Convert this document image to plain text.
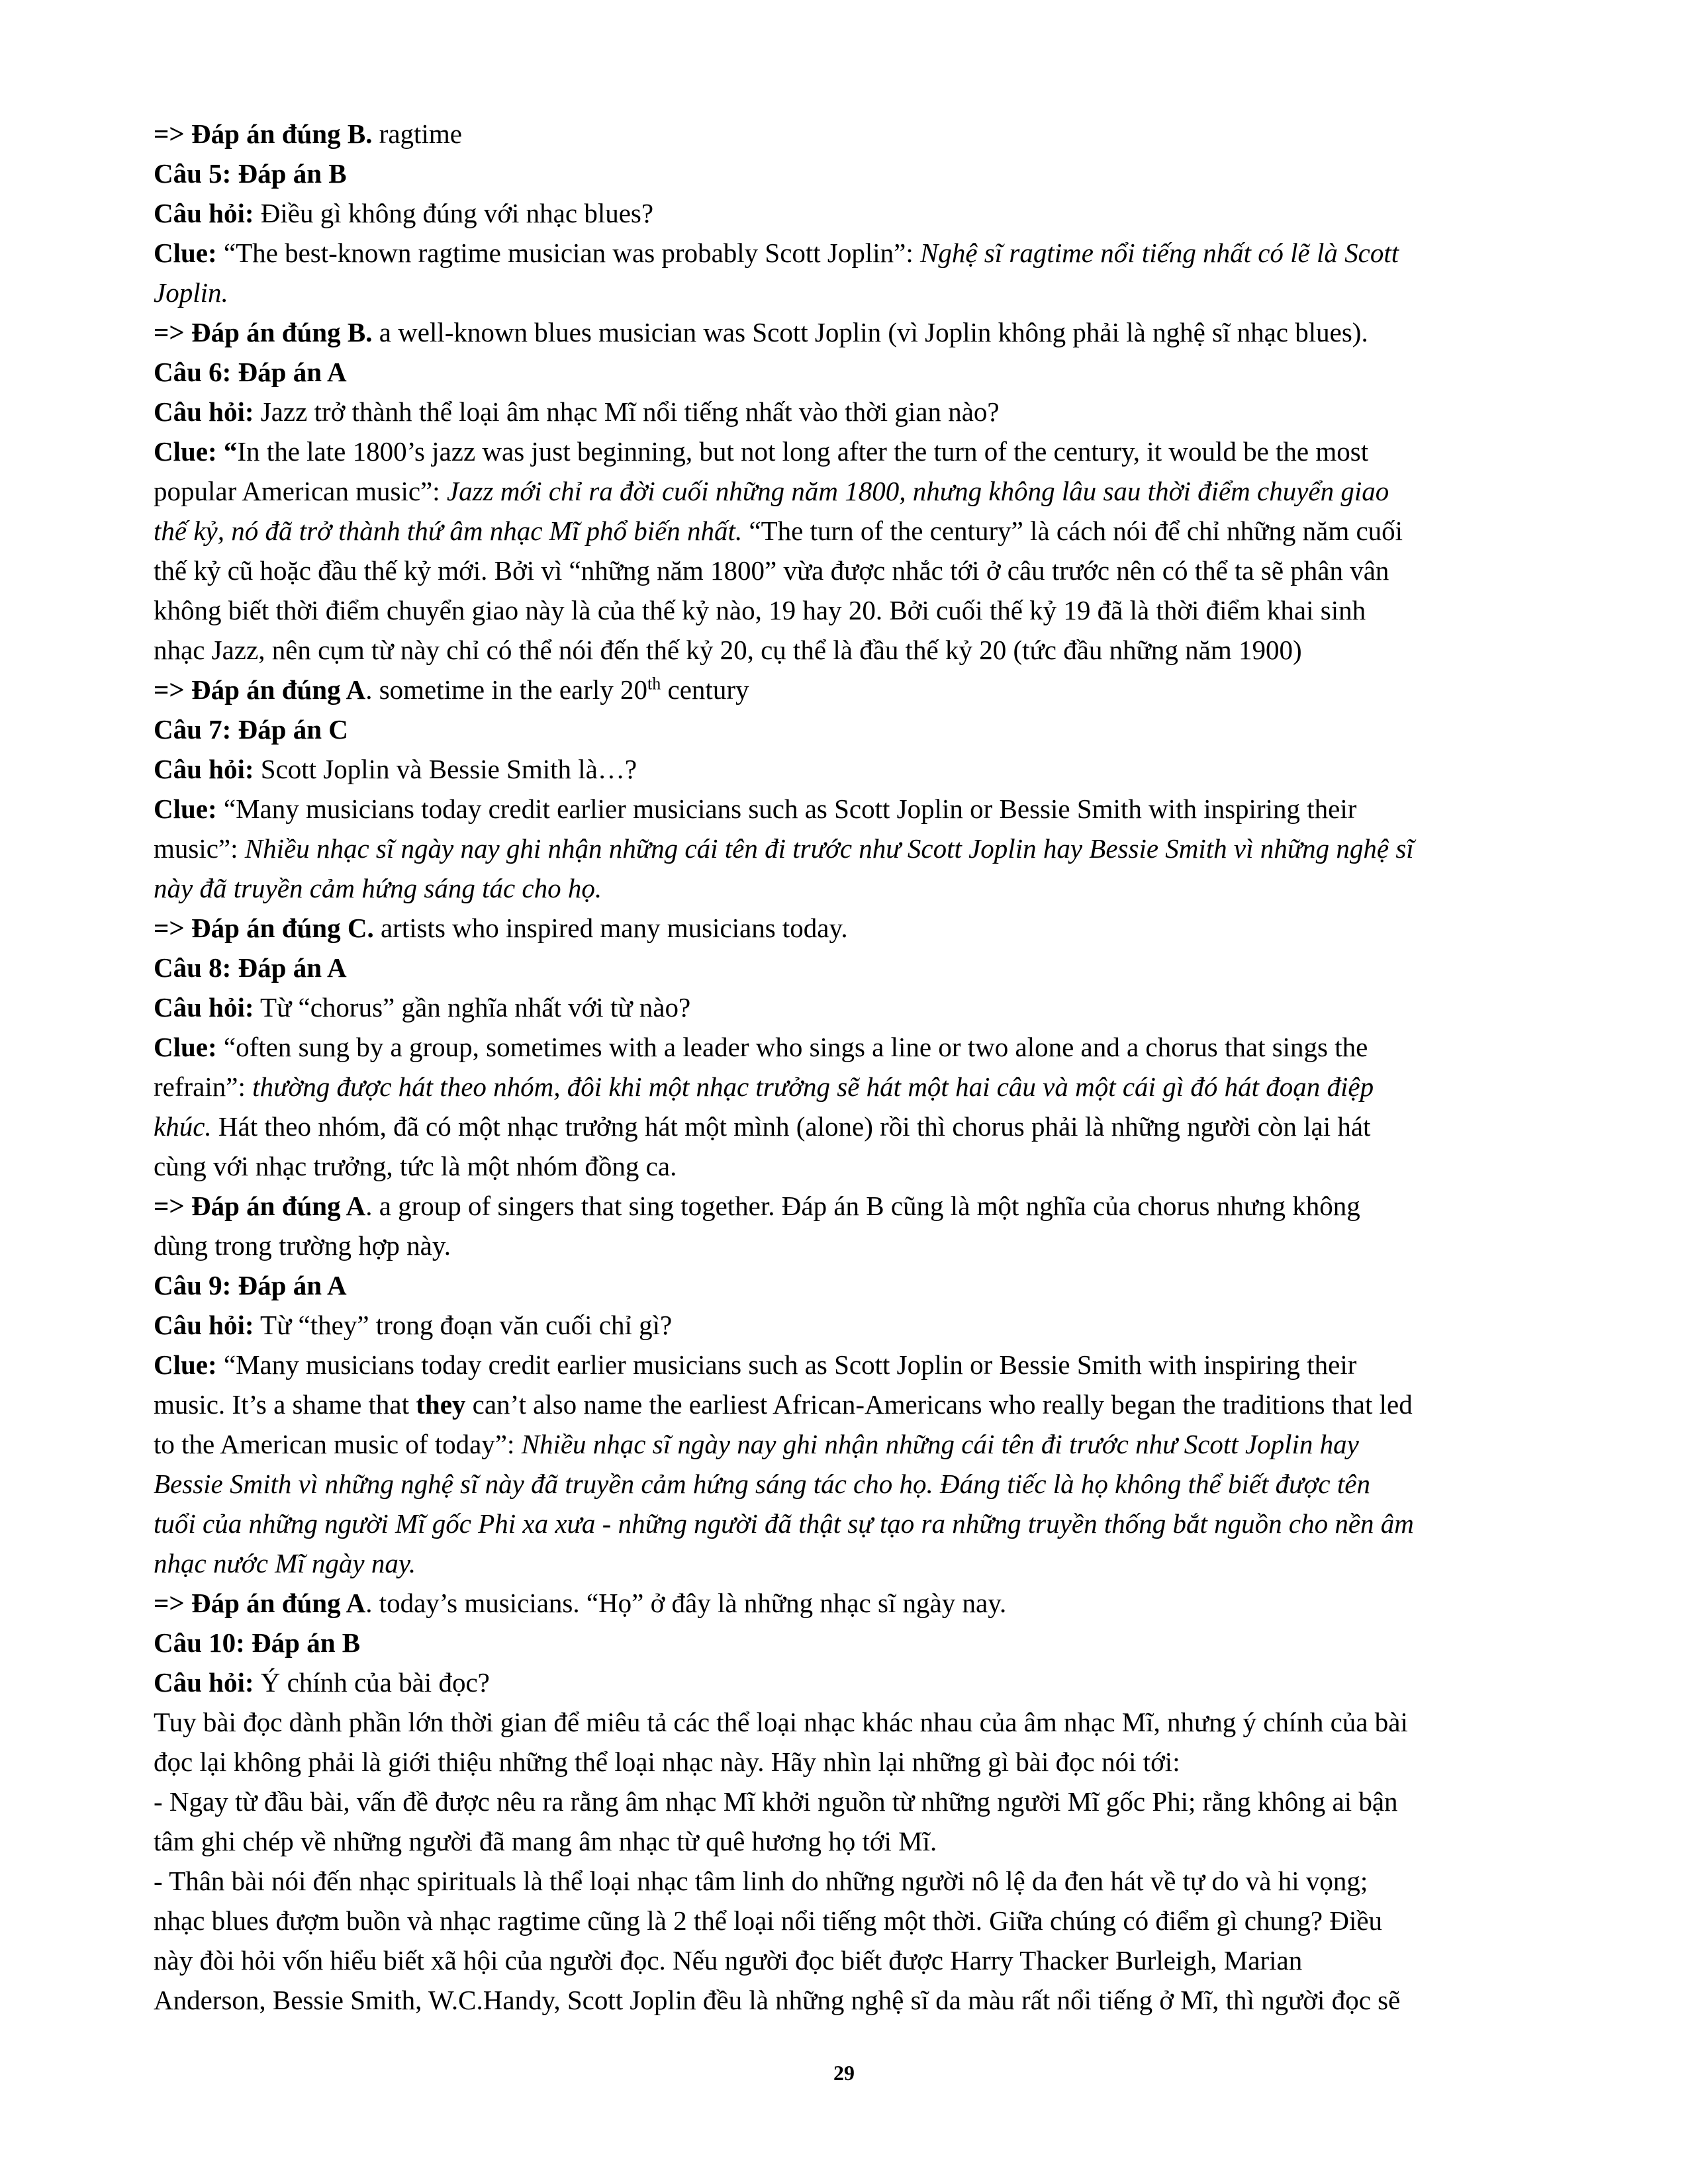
=> Đáp án đúng B. ragtime

Câu 5: Đáp án B

Câu hỏi: Điều gì không đúng với nhạc blues?

Clue: “The best-known ragtime musician was probably Scott Joplin”: Nghệ sĩ ragtime nổi tiếng nhất có lẽ là Scott

Joplin.

=> Đáp án đúng B. a well-known blues musician was Scott Joplin (vì Joplin không phải là nghệ sĩ nhạc blues).

Câu 6: Đáp án A

Câu hỏi: Jazz trở thành thể loại âm nhạc Mĩ nổi tiếng nhất vào thời gian nào?

Clue: “In the late 1800’s jazz was just beginning, but not long after the turn of the century, it would be the most

popular American music”: Jazz mới chỉ ra đời cuối những năm 1800, nhưng không lâu sau thời điểm chuyển giao

thế kỷ, nó đã trở thành thứ âm nhạc Mĩ phổ biến nhất. “The turn of the century” là cách nói để chỉ những năm cuối

thế kỷ cũ hoặc đầu thế kỷ mới. Bởi vì “những năm 1800” vừa được nhắc tới ở câu trước nên có thể ta sẽ phân vân

không biết thời điểm chuyển giao này là của thế kỷ nào, 19 hay 20. Bởi cuối thế kỷ 19 đã là thời điểm khai sinh

nhạc Jazz, nên cụm từ này chỉ có thể nói đến thế kỷ 20, cụ thể là đầu thế kỷ 20 (tức đầu những năm 1900)

=> Đáp án đúng A. sometime in the early 20th century

Câu 7: Đáp án C

Câu hỏi: Scott Joplin và Bessie Smith là…?

Clue: “Many musicians today credit earlier musicians such as Scott Joplin or Bessie Smith with inspiring their

music”: Nhiều nhạc sĩ ngày nay ghi nhận những cái tên đi trước như Scott Joplin hay Bessie Smith vì những nghệ sĩ

này đã truyền cảm hứng sáng tác cho họ.

=> Đáp án đúng C. artists who inspired many musicians today.

Câu 8: Đáp án A

Câu hỏi: Từ “chorus” gần nghĩa nhất với từ nào?

Clue: “often sung by a group, sometimes with a leader who sings a line or two alone and a chorus that sings the

refrain”: thường được hát theo nhóm, đôi khi một nhạc trưởng sẽ hát một hai câu và một cái gì đó hát đoạn điệp

khúc. Hát theo nhóm, đã có một nhạc trưởng hát một mình (alone) rồi thì chorus phải là những người còn lại hát

cùng với nhạc trưởng, tức là một nhóm đồng ca.

=> Đáp án đúng A. a group of singers that sing together. Đáp án B cũng là một nghĩa của chorus nhưng không

dùng trong trường hợp này.

Câu 9: Đáp án A

Câu hỏi: Từ “they” trong đoạn văn cuối chỉ gì?

Clue: “Many musicians today credit earlier musicians such as Scott Joplin or Bessie Smith with inspiring their

music. It’s a shame that they can’t also name the earliest African-Americans who really began the traditions that led

to the American music of today”: Nhiều nhạc sĩ ngày nay ghi nhận những cái tên đi trước như Scott Joplin hay

Bessie Smith vì những nghệ sĩ này đã truyền cảm hứng sáng tác cho họ. Đáng tiếc là họ không thể biết được tên

tuổi của những người Mĩ gốc Phi xa xưa - những người đã thật sự tạo ra những truyền thống bắt nguồn cho nền âm

nhạc nước Mĩ ngày nay.

=> Đáp án đúng A. today’s musicians. “Họ” ở đây là những nhạc sĩ ngày nay.

Câu 10: Đáp án B

Câu hỏi: Ý chính của bài đọc?

Tuy bài đọc dành phần lớn thời gian để miêu tả các thể loại nhạc khác nhau của âm nhạc Mĩ, nhưng ý chính của bài

đọc lại không phải là giới thiệu những thể loại nhạc này. Hãy nhìn lại những gì bài đọc nói tới:

- Ngay từ đầu bài, vấn đề được nêu ra rằng âm nhạc Mĩ khởi nguồn từ những người Mĩ gốc Phi; rằng không ai bận

tâm ghi chép về những người đã mang âm nhạc từ quê hương họ tới Mĩ.

- Thân bài nói đến nhạc spirituals là thể loại nhạc tâm linh do những người nô lệ da đen hát về tự do và hi vọng;

nhạc blues đượm buồn và nhạc ragtime cũng là 2 thể loại nổi tiếng một thời. Giữa chúng có điểm gì chung? Điều

này đòi hỏi vốn hiểu biết xã hội của người đọc. Nếu người đọc biết được Harry Thacker Burleigh, Marian

Anderson, Bessie Smith, W.C.Handy, Scott Joplin đều là những nghệ sĩ da màu rất nổi tiếng ở Mĩ, thì người đọc sẽ

29
